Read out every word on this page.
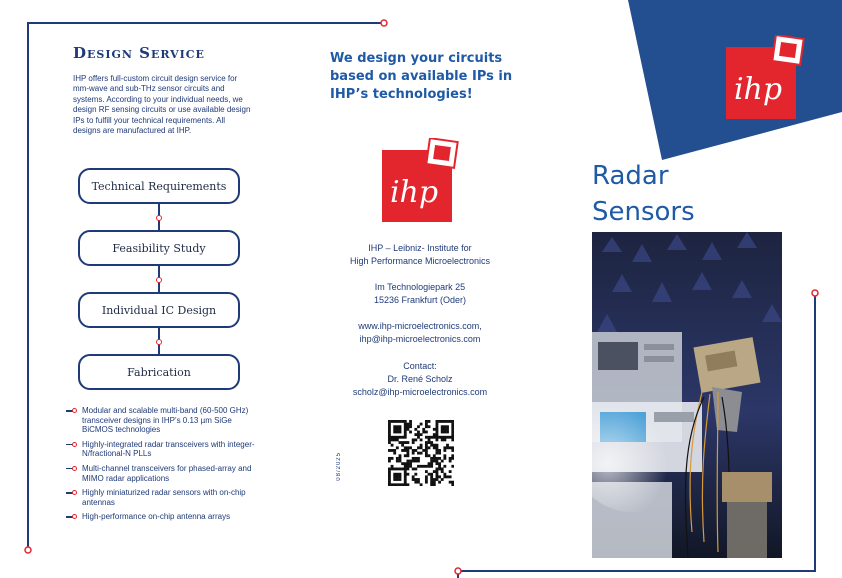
Design Service
IHP offers full-custom circuit design service for mm-wave and sub-THz sensor circuits and systems. According to your individual needs, we design RF sensing circuits or use available design IPs to fulfill your technical requirements. All designs are manufactured at IHP.
Technical Requirements
Feasibility Study
Individual IC Design
Fabrication
Modular and scalable multi-band (60-500 GHz) transceiver designs in IHP’s 0.13 µm SiGe BiCMOS technologies
Highly-integrated radar transceivers with integer-N/fractional-N PLLs
Multi-channel transceivers for phased-array and MIMO radar applications
Highly miniaturized radar sensors with on-chip antennas
High-performance on-chip antenna arrays
We design your circuits based on available IPs in IHP’s technologies!
ihp
IHP – Leibniz- Institute for
High Performance Microelectronics
Im Technologiepark 25
15236 Frankfurt (Oder)
www.ihp-microelectronics.com,
ihp@ihp-microelectronics.com
Contact:
Dr. René Scholz
scholz@ihp-microelectronics.com
08/2025
ihp
Radar
Sensors
